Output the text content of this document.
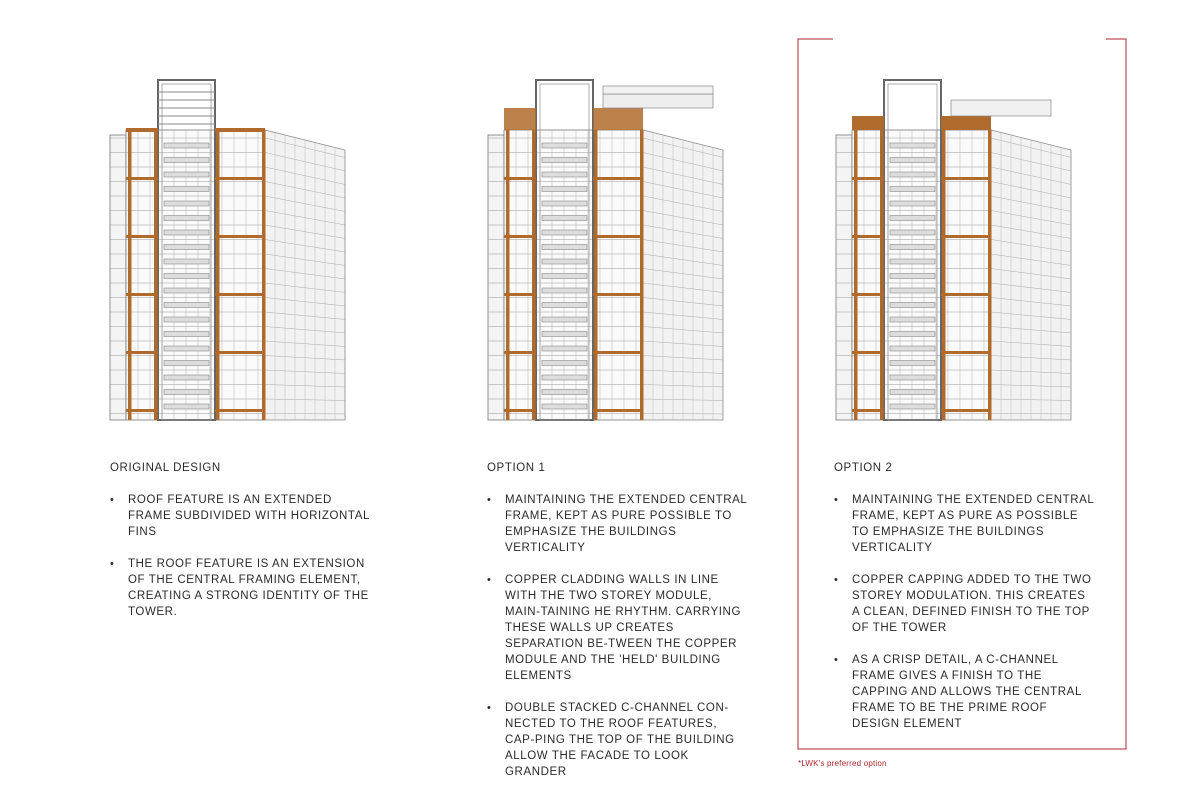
ORIGINAL DESIGN
• ROOF FEATURE IS AN EXTENDED FRAME SUBDIVIDED WITH HORIZONTAL FINS
• THE ROOF FEATURE IS AN EXTENSION OF THE CENTRAL FRAMING ELEMENT, CREATING A STRONG IDENTITY OF THE TOWER.
OPTION 1
• MAINTAINING THE EXTENDED CENTRAL FRAME, KEPT AS PURE POSSIBLE TO EMPHASIZE THE BUILDINGS VERTICALITY
• COPPER CLADDING WALLS IN LINE WITH THE TWO STOREY MODULE, MAIN-TAINING HE RHYTHM. CARRYING THESE WALLS UP CREATES SEPARATION BE-TWEEN THE COPPER MODULE AND THE 'HELD' BUILDING ELEMENTS
• DOUBLE STACKED C-CHANNEL CON-NECTED TO THE ROOF FEATURES, CAP-PING THE TOP OF THE BUILDING ALLOW THE FACADE TO LOOK GRANDER
OPTION 2
• MAINTAINING THE EXTENDED CENTRAL FRAME, KEPT AS PURE AS POSSIBLE TO EMPHASIZE THE BUILDINGS VERTICALITY
• COPPER CAPPING ADDED TO THE TWO STOREY MODULATION. THIS CREATES A CLEAN, DEFINED FINISH TO THE TOP OF THE TOWER
• AS A CRISP DETAIL, A C-CHANNEL FRAME GIVES A FINISH TO THE CAPPING AND ALLOWS THE CENTRAL FRAME TO BE THE PRIME ROOF DESIGN ELEMENT
*LWK's preferred option
